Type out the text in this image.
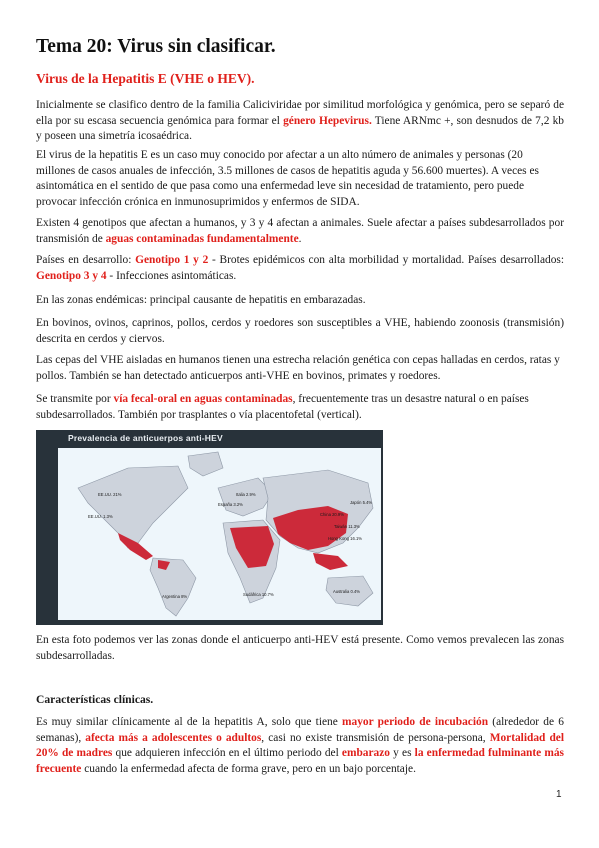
Tema 20: Virus sin clasificar.
Virus de la Hepatitis E (VHE o HEV).

Inicialmente se clasifico dentro de la familia Caliciviridae por similitud morfológica y genómica, pero se separó de ella por su escasa secuencia genómica para formar el género Hepevirus. Tiene ARNmc +, son desnudos de 7,2 kb y poseen una simetría icosaédrica.

El virus de la hepatitis E es un caso muy conocido por afectar a un alto número de animales y personas (20 millones de casos anuales de infección, 3.5 millones de casos de hepatitis aguda y 56.600 muertes). A veces es asintomática en el sentido de que pasa como una enfermedad leve sin necesidad de tratamiento, pero puede provocar infección crónica en inmunosuprimidos y enfermos de SIDA.

Existen 4 genotipos que afectan a humanos, y 3 y 4 afectan a animales. Suele afectar a países subdesarrollados por transmisión de aguas contaminadas fundamentalmente.

Países en desarrollo: Genotipo 1 y 2 - Brotes epidémicos con alta morbilidad y mortalidad. Países desarrollados: Genotipo 3 y 4 - Infecciones asintomáticas.

En las zonas endémicas: principal causante de hepatitis en embarazadas.

En bovinos, ovinos, caprinos, pollos, cerdos y roedores son susceptibles a VHE, habiendo zoonosis (transmisión) descrita en cerdos y ciervos.

Las cepas del VHE aisladas en humanos tienen una estrecha relación genética con cepas halladas en cerdos, ratas y pollos. También se han detectado anticuerpos anti-VHE en bovinos, primates y roedores.

Se transmite por vía fecal-oral en aguas contaminadas, frecuentemente tras un desastre natural o en países subdesarrollados. También por trasplantes o vía placentofetal (vertical).

Prevalencia de anticuerpos anti-HEV
EE.UU. 21%
EE.UU. 1.3%
España 3.2%
China 20.9%
Hong Kong 16.1%
Taiwán 11.3%
Japón 5.4%
Australia 0.4%
Sudáfrica 10.7%
Italia 2.9%
Argentina 8%

En esta foto podemos ver las zonas donde el anticuerpo anti-HEV está presente. Como vemos prevalecen las zonas subdesarrolladas.

Características clínicas.

Es muy similar clínicamente al de la hepatitis A, solo que tiene mayor periodo de incubación (alrededor de 6 semanas), afecta más a adolescentes o adultos, casi no existe transmisión de persona-persona, Mortalidad del 20% de madres que adquieren infección en el último periodo del embarazo y es la enfermedad fulminante más frecuente cuando la enfermedad afecta de forma grave, pero en un bajo porcentaje.

1
